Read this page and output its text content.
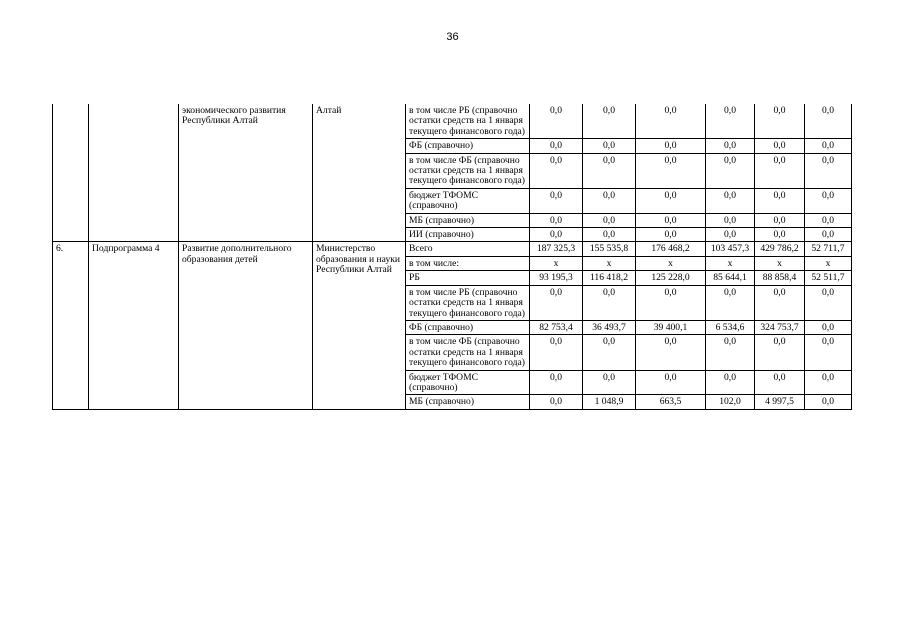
36
		экономического развития Республики Алтай	Алтай	в том числе РБ (справочно остатки средств на 1 января текущего финансового года)	0,0	0,0	0,0	0,0	0,0	0,0
				ФБ (справочно)	0,0	0,0	0,0	0,0	0,0	0,0
				в том числе ФБ (справочно остатки средств на 1 января текущего финансового года)	0,0	0,0	0,0	0,0	0,0	0,0
				бюджет ТФОМС (справочно)	0,0	0,0	0,0	0,0	0,0	0,0
				МБ (справочно)	0,0	0,0	0,0	0,0	0,0	0,0
				ИИ (справочно)	0,0	0,0	0,0	0,0	0,0	0,0
6.	Подпрограмма 4	Развитие дополнительного образования детей	Министерство образования и науки Республики Алтай	Всего	187 325,3	155 535,8	176 468,2	103 457,3	429 786,2	52 711,7
				в том числе:	х	х	х	х	х	х
				РБ	93 195,3	116 418,2	125 228,0	85 644,1	88 858,4	52 511,7
				в том числе РБ (справочно остатки средств на 1 января текущего финансового года)	0,0	0,0	0,0	0,0	0,0	0,0
				ФБ (справочно)	82 753,4	36 493,7	39 400,1	6 534,6	324 753,7	0,0
				в том числе ФБ (справочно остатки средств на 1 января текущего финансового года)	0,0	0,0	0,0	0,0	0,0	0,0
				бюджет ТФОМС (справочно)	0,0	0,0	0,0	0,0	0,0	0,0
				МБ (справочно)	0,0	1 048,9	663,5	102,0	4 997,5	0,0
